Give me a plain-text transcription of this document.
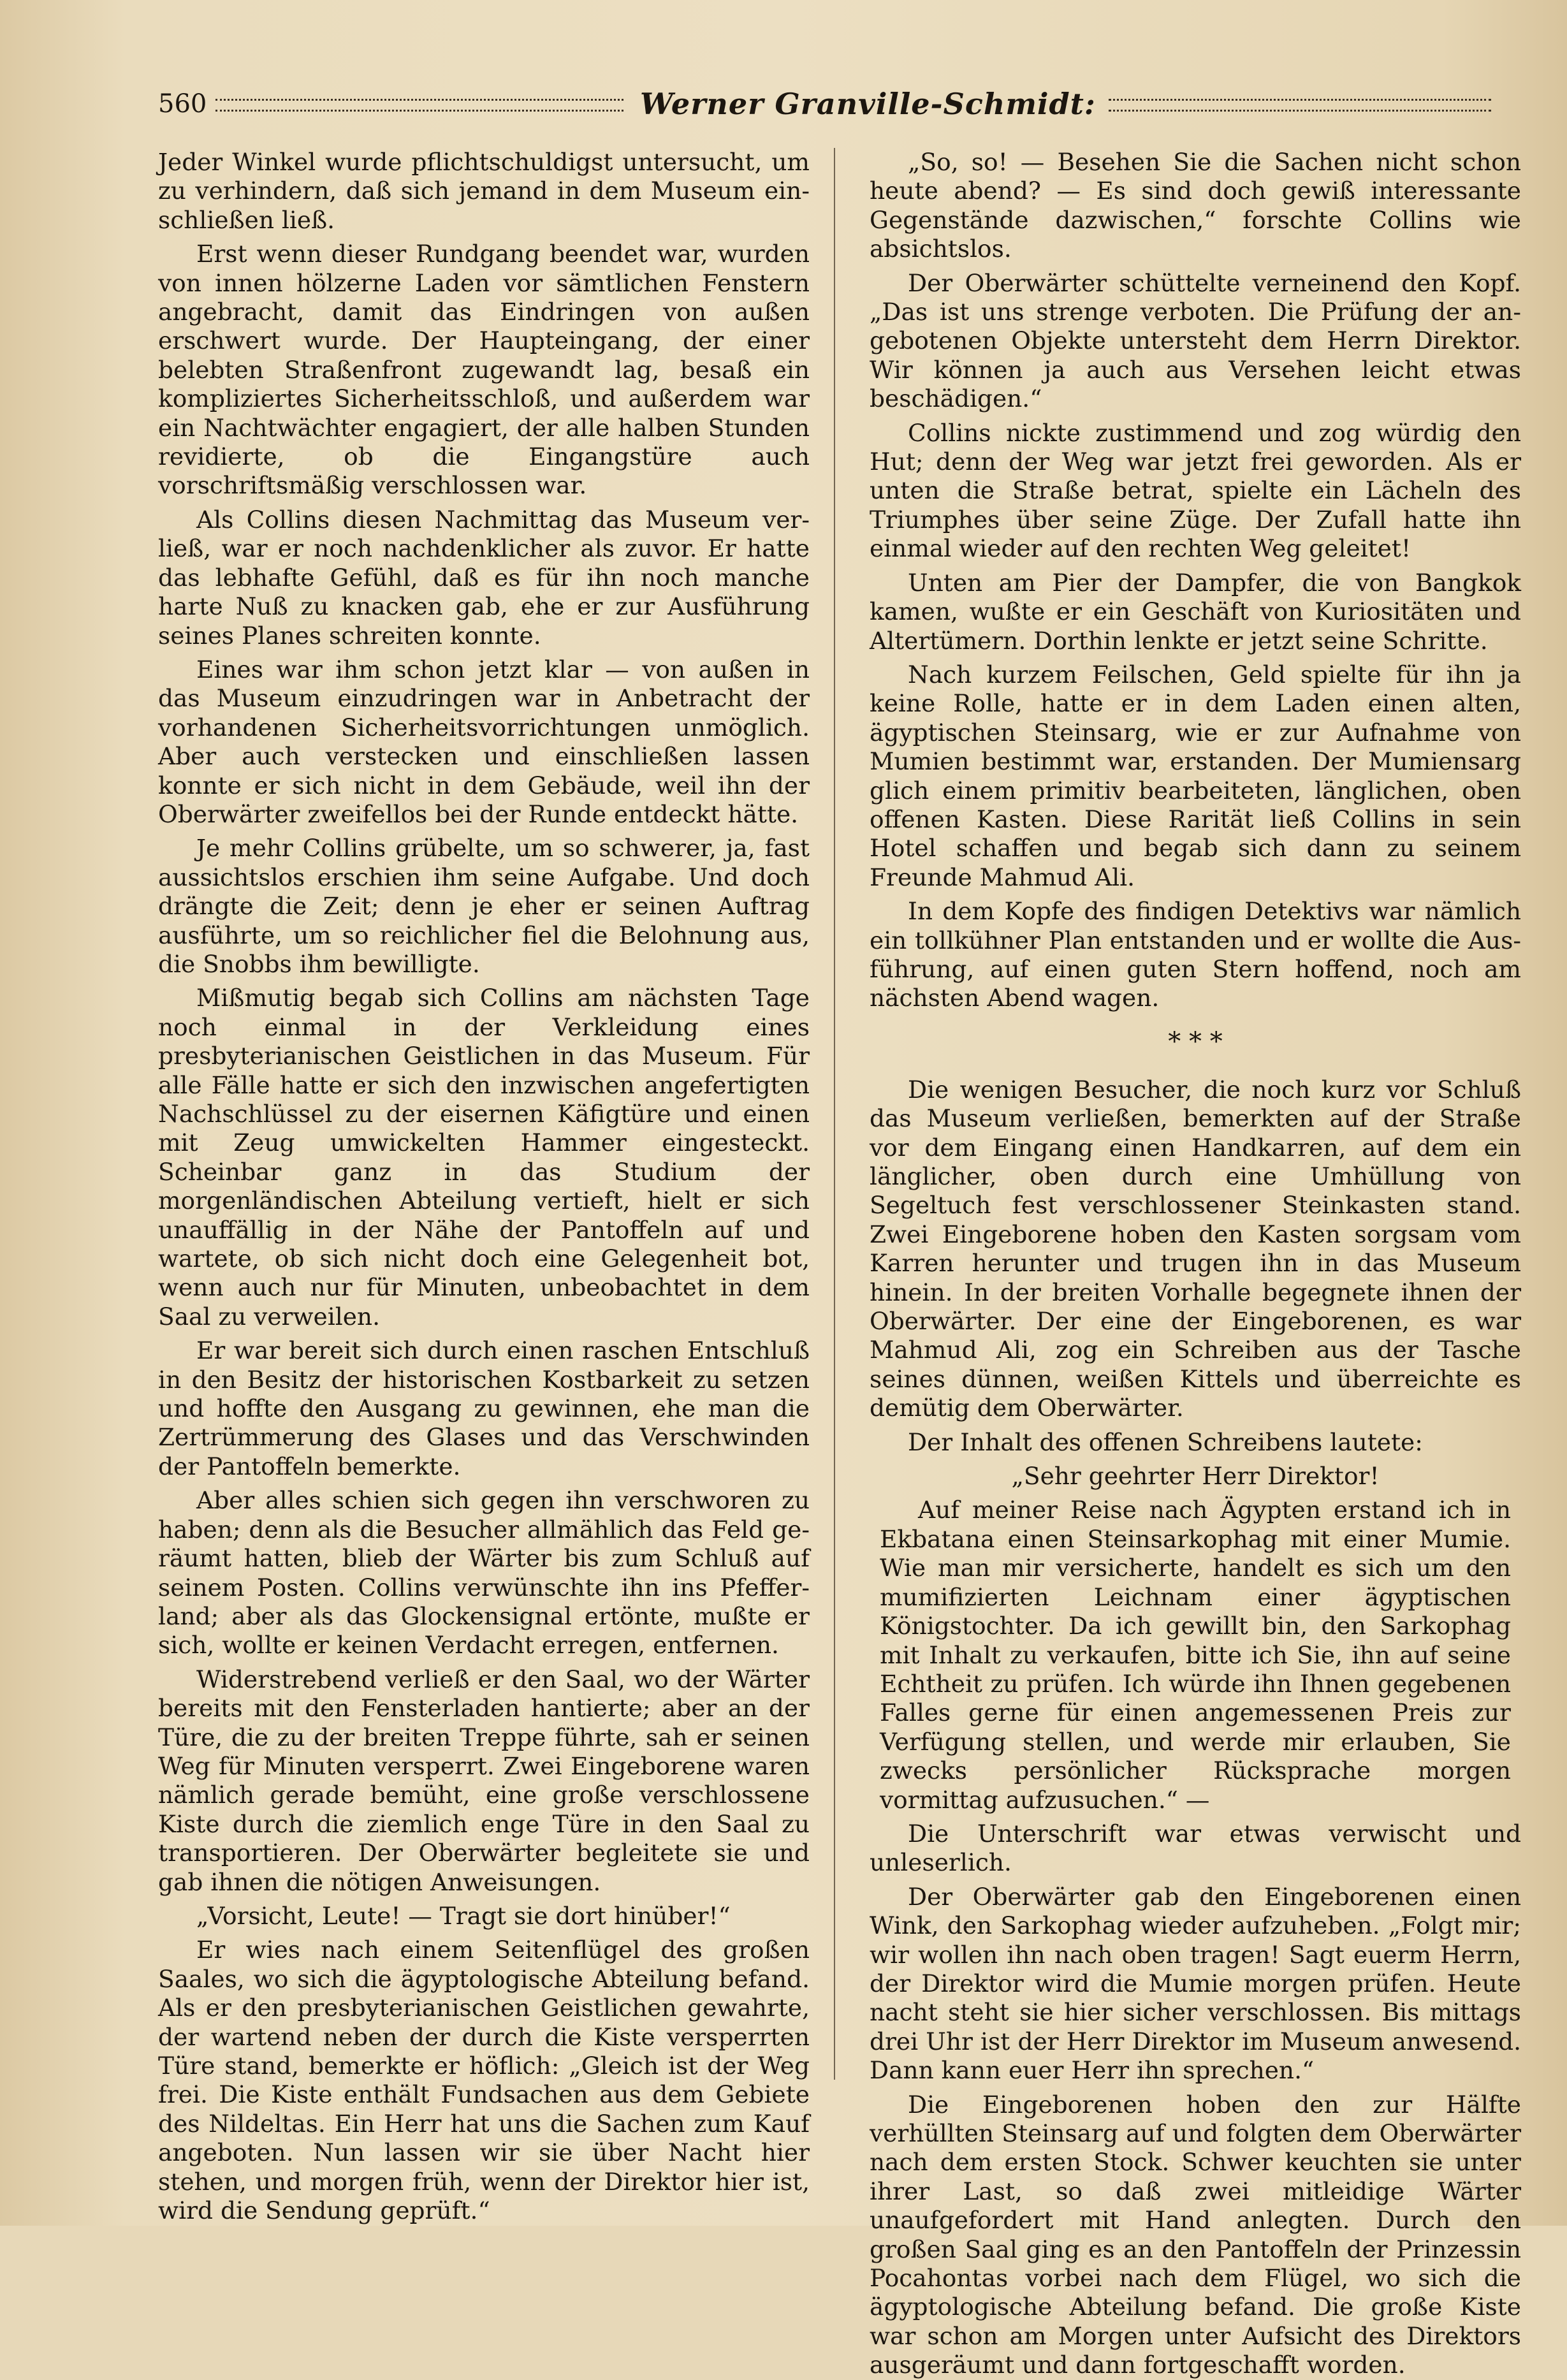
560	Werner Granville-Schmidt:

Jeder Winkel wurde pflichtschuldigst untersucht, um zu verhindern, daß sich jemand in dem Museum einschließen ließ.

Erst wenn dieser Rundgang beendet war, wurden von innen hölzerne Laden vor sämtlichen Fenstern angebracht, damit das Eindringen von außen erschwert wurde. Der Haupteingang, der einer belebten Straßenfront zugewandt lag, besaß ein kompliziertes Sicherheitsschloß, und außerdem war ein Nachtwächter engagiert, der alle halben Stunden revidierte, ob die Eingangstüre auch vorschriftsmäßig verschlossen war.

Als Collins diesen Nachmittag das Museum verließ, war er noch nachdenklicher als zuvor. Er hatte das lebhafte Gefühl, daß es für ihn noch manche harte Nuß zu knacken gab, ehe er zur Ausführung seines Planes schreiten konnte.

Eines war ihm schon jetzt klar — von außen in das Museum einzudringen war in Anbetracht der vorhandenen Sicherheitsvorrichtungen unmöglich. Aber auch verstecken und einschließen lassen konnte er sich nicht in dem Gebäude, weil ihn der Oberwärter zweifellos bei der Runde entdeckt hätte.

Je mehr Collins grübelte, um so schwerer, ja, fast aussichtslos erschien ihm seine Aufgabe. Und doch drängte die Zeit; denn je eher er seinen Auftrag ausführte, um so reichlicher fiel die Belohnung aus, die Snobbs ihm bewilligte.

Mißmutig begab sich Collins am nächsten Tage noch einmal in der Verkleidung eines presbyterianischen Geistlichen in das Museum. Für alle Fälle hatte er sich den inzwischen angefertigten Nachschlüssel zu der eisernen Käfigtüre und einen mit Zeug umwickelten Hammer eingesteckt. Scheinbar ganz in das Studium der morgenländischen Abteilung vertieft, hielt er sich unauffällig in der Nähe der Pantoffeln auf und wartete, ob sich nicht doch eine Gelegenheit bot, wenn auch nur für Minuten, unbeobachtet in dem Saal zu verweilen.

Er war bereit sich durch einen raschen Entschluß in den Besitz der historischen Kostbarkeit zu setzen und hoffte den Ausgang zu gewinnen, ehe man die Zertrümmerung des Glases und das Verschwinden der Pantoffeln bemerkte.

Aber alles schien sich gegen ihn verschworen zu haben; denn als die Besucher allmählich das Feld geräumt hatten, blieb der Wärter bis zum Schluß auf seinem Posten. Collins verwünschte ihn ins Pfefferland; aber als das Glockensignal ertönte, mußte er sich, wollte er keinen Verdacht erregen, entfernen.

Widerstrebend verließ er den Saal, wo der Wärter bereits mit den Fensterladen hantierte; aber an der Türe, die zu der breiten Treppe führte, sah er seinen Weg für Minuten versperrt. Zwei Eingeborene waren nämlich gerade bemüht, eine große verschlossene Kiste durch die ziemlich enge Türe in den Saal zu transportieren. Der Oberwärter begleitete sie und gab ihnen die nötigen Anweisungen.

„Vorsicht, Leute! — Tragt sie dort hinüber!“

Er wies nach einem Seitenflügel des großen Saales, wo sich die ägyptologische Abteilung befand. Als er den presbyterianischen Geistlichen gewahrte, der wartend neben der durch die Kiste versperrten Türe stand, bemerkte er höflich: „Gleich ist der Weg frei. Die Kiste enthält Fundsachen aus dem Gebiete des Nildeltas. Ein Herr hat uns die Sachen zum Kauf angeboten. Nun lassen wir sie über Nacht hier stehen, und morgen früh, wenn der Direktor hier ist, wird die Sendung geprüft.“

„So, so! — Besehen Sie die Sachen nicht schon heute abend? — Es sind doch gewiß interessante Gegenstände dazwischen,“ forschte Collins wie absichtslos.

Der Oberwärter schüttelte verneinend den Kopf. „Das ist uns strenge verboten. Die Prüfung der angebotenen Objekte untersteht dem Herrn Direktor. Wir können ja auch aus Versehen leicht etwas beschädigen.“

Collins nickte zustimmend und zog würdig den Hut; denn der Weg war jetzt frei geworden. Als er unten die Straße betrat, spielte ein Lächeln des Triumphes über seine Züge. Der Zufall hatte ihn einmal wieder auf den rechten Weg geleitet!

Unten am Pier der Dampfer, die von Bangkok kamen, wußte er ein Geschäft von Kuriositäten und Altertümern. Dorthin lenkte er jetzt seine Schritte.

Nach kurzem Feilschen, Geld spielte für ihn ja keine Rolle, hatte er in dem Laden einen alten, ägyptischen Steinsarg, wie er zur Aufnahme von Mumien bestimmt war, erstanden. Der Mumiensarg glich einem primitiv bearbeiteten, länglichen, oben offenen Kasten. Diese Rarität ließ Collins in sein Hotel schaffen und begab sich dann zu seinem Freunde Mahmud Ali.

In dem Kopfe des findigen Detektivs war nämlich ein tollkühner Plan entstanden und er wollte die Ausführung, auf einen guten Stern hoffend, noch am nächsten Abend wagen.

* * *

Die wenigen Besucher, die noch kurz vor Schluß das Museum verließen, bemerkten auf der Straße vor dem Eingang einen Handkarren, auf dem ein länglicher, oben durch eine Umhüllung von Segeltuch fest verschlossener Steinkasten stand. Zwei Eingeborene hoben den Kasten sorgsam vom Karren herunter und trugen ihn in das Museum hinein. In der breiten Vorhalle begegnete ihnen der Oberwärter. Der eine der Eingeborenen, es war Mahmud Ali, zog ein Schreiben aus der Tasche seines dünnen, weißen Kittels und überreichte es demütig dem Oberwärter.

Der Inhalt des offenen Schreibens lautete:

„Sehr geehrter Herr Direktor!

Auf meiner Reise nach Ägypten erstand ich in Ekbatana einen Steinsarkophag mit einer Mumie. Wie man mir versicherte, handelt es sich um den mumifizierten Leichnam einer ägyptischen Königstochter. Da ich gewillt bin, den Sarkophag mit Inhalt zu verkaufen, bitte ich Sie, ihn auf seine Echtheit zu prüfen. Ich würde ihn Ihnen gegebenen Falles gerne für einen angemessenen Preis zur Verfügung stellen, und werde mir erlauben, Sie zwecks persönlicher Rücksprache morgen vormittag aufzusuchen.“ —

Die Unterschrift war etwas verwischt und unleserlich.

Der Oberwärter gab den Eingeborenen einen Wink, den Sarkophag wieder aufzuheben. „Folgt mir; wir wollen ihn nach oben tragen! Sagt euerm Herrn, der Direktor wird die Mumie morgen prüfen. Heute nacht steht sie hier sicher verschlossen. Bis mittags drei Uhr ist der Herr Direktor im Museum anwesend. Dann kann euer Herr ihn sprechen.“

Die Eingeborenen hoben den zur Hälfte verhüllten Steinsarg auf und folgten dem Oberwärter nach dem ersten Stock. Schwer keuchten sie unter ihrer Last, so daß zwei mitleidige Wärter unaufgefordert mit Hand anlegten. Durch den großen Saal ging es an den Pantoffeln der Prinzessin Pocahontas vorbei nach dem Flügel, wo sich die ägyptologische Abteilung befand. Die große Kiste war schon am Morgen unter Aufsicht des Direktors ausgeräumt und dann fortgeschafft worden.
